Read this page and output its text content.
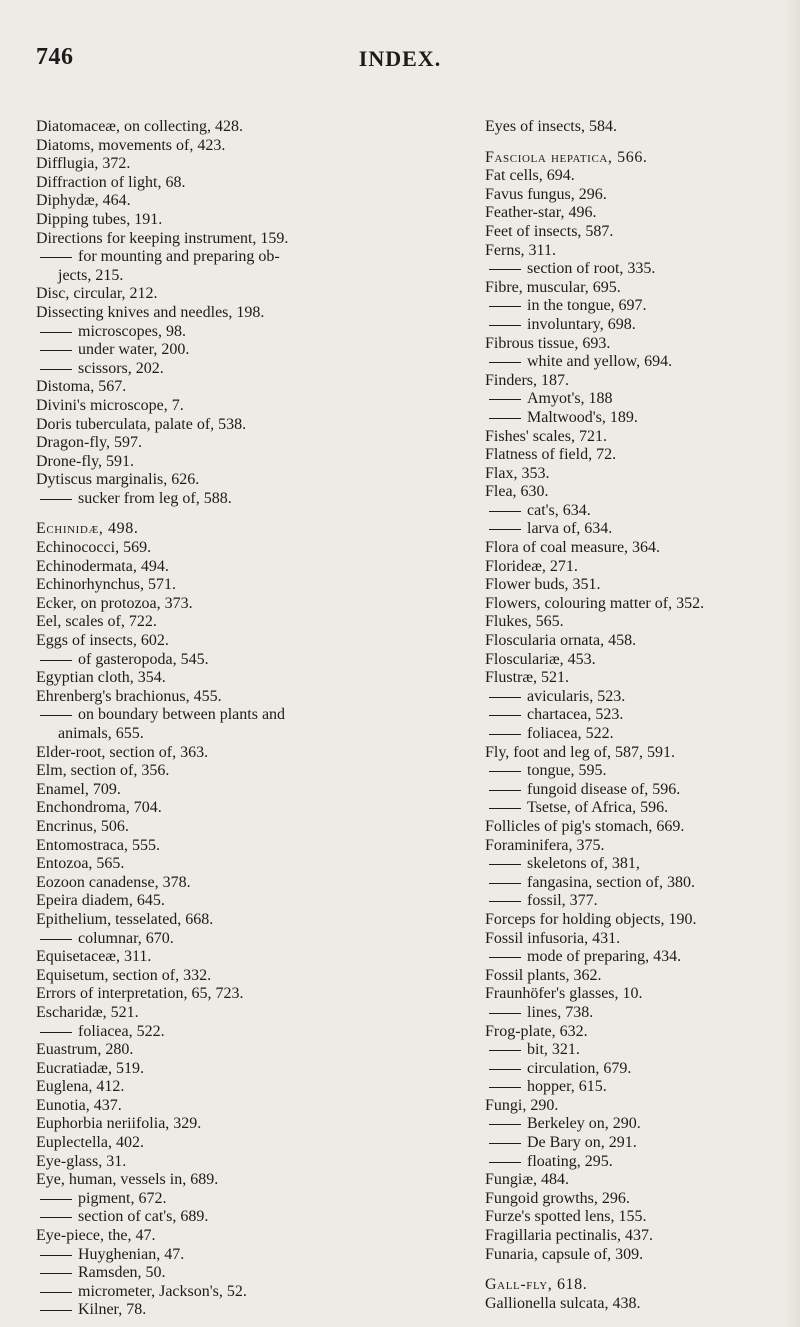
746	INDEX.
Diatomaceæ, on collecting, 428.
Diatoms, movements of, 423.
Difflugia, 372.
Diffraction of light, 68.
Diphydæ, 464.
Dipping tubes, 191.
Directions for keeping instrument, 159.
for mounting and preparing ob-
jects, 215.
Disc, circular, 212.
Dissecting knives and needles, 198.
microscopes, 98.
under water, 200.
scissors, 202.
Distoma, 567.
Divini's microscope, 7.
Doris tuberculata, palate of, 538.
Dragon-fly, 597.
Drone-fly, 591.
Dytiscus marginalis, 626.
sucker from leg of, 588.
Echinidæ, 498.
Echinococci, 569.
Echinodermata, 494.
Echinorhynchus, 571.
Ecker, on protozoa, 373.
Eel, scales of, 722.
Eggs of insects, 602.
of gasteropoda, 545.
Egyptian cloth, 354.
Ehrenberg's brachionus, 455.
on boundary between plants and
animals, 655.
Elder-root, section of, 363.
Elm, section of, 356.
Enamel, 709.
Enchondroma, 704.
Encrinus, 506.
Entomostraca, 555.
Entozoa, 565.
Eozoon canadense, 378.
Epeira diadem, 645.
Epithelium, tesselated, 668.
columnar, 670.
Equisetaceæ, 311.
Equisetum, section of, 332.
Errors of interpretation, 65, 723.
Escharidæ, 521.
foliacea, 522.
Euastrum, 280.
Eucratiadæ, 519.
Euglena, 412.
Eunotia, 437.
Euphorbia neriifolia, 329.
Euplectella, 402.
Eye-glass, 31.
Eye, human, vessels in, 689.
pigment, 672.
section of cat's, 689.
Eye-piece, the, 47.
Huyghenian, 47.
Ramsden, 50.
micrometer, Jackson's, 52.
Kilner, 78.
Eyes of insects, 584.
Fasciola hepatica, 566.
Fat cells, 694.
Favus fungus, 296.
Feather-star, 496.
Feet of insects, 587.
Ferns, 311.
section of root, 335.
Fibre, muscular, 695.
in the tongue, 697.
involuntary, 698.
Fibrous tissue, 693.
white and yellow, 694.
Finders, 187.
Amyot's, 188
Maltwood's, 189.
Fishes' scales, 721.
Flatness of field, 72.
Flax, 353.
Flea, 630.
cat's, 634.
larva of, 634.
Flora of coal measure, 364.
Florideæ, 271.
Flower buds, 351.
Flowers, colouring matter of, 352.
Flukes, 565.
Floscularia ornata, 458.
Flosculariæ, 453.
Flustræ, 521.
avicularis, 523.
chartacea, 523.
foliacea, 522.
Fly, foot and leg of, 587, 591.
tongue, 595.
fungoid disease of, 596.
Tsetse, of Africa, 596.
Follicles of pig's stomach, 669.
Foraminifera, 375.
skeletons of, 381,
fangasina, section of, 380.
fossil, 377.
Forceps for holding objects, 190.
Fossil infusoria, 431.
mode of preparing, 434.
Fossil plants, 362.
Fraunhöfer's glasses, 10.
lines, 738.
Frog-plate, 632.
bit, 321.
circulation, 679.
hopper, 615.
Fungi, 290.
Berkeley on, 290.
De Bary on, 291.
floating, 295.
Fungiæ, 484.
Fungoid growths, 296.
Furze's spotted lens, 155.
Fragillaria pectinalis, 437.
Funaria, capsule of, 309.
Gall-fly, 618.
Gallionella sulcata, 438.
